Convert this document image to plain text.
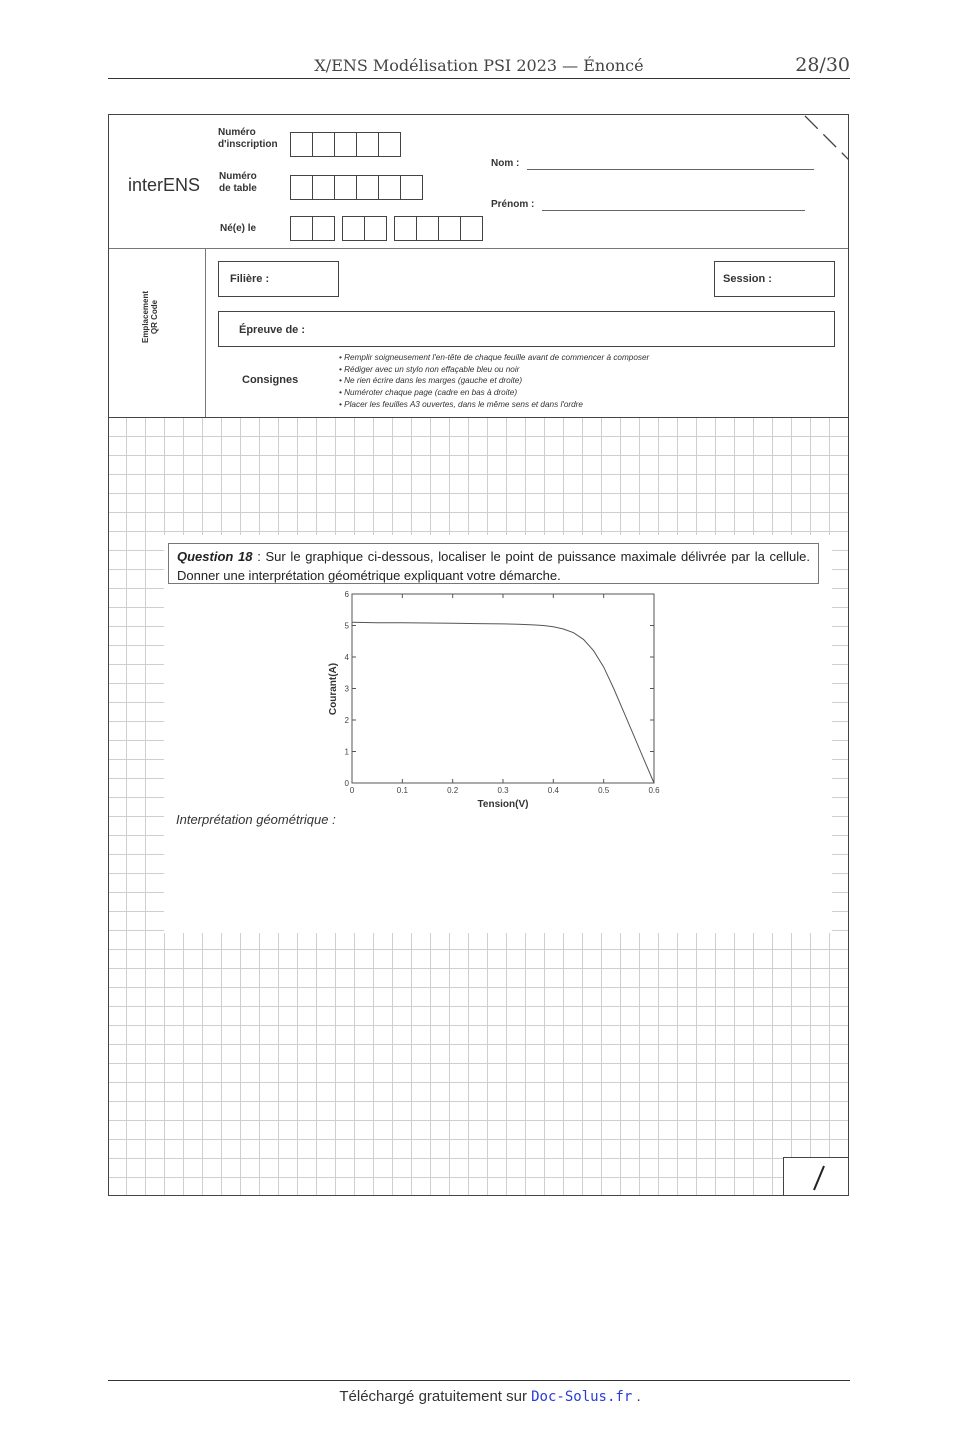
X/ENS Modélisation PSI 2023 — Énoncé	28/30
interENS
Numéro
d'inscription
Numéro
de table
Né(e) le
Nom :
Prénom :
Emplacement
QR Code
Filière :	Session :
Épreuve de :
Consignes
• Remplir soigneusement l'en-tête de chaque feuille avant de commencer à composer
• Rédiger avec un stylo non effaçable bleu ou noir
• Ne rien écrire dans les marges (gauche et droite)
• Numéroter chaque page (cadre en bas à droite)
• Placer les feuilles A3 ouvertes, dans le même sens et dans l'ordre
Question 18 : Sur le graphique ci-dessous, localiser le point de puissance maximale délivrée par la cellule. Donner une interprétation géométrique expliquant votre démarche.
0	0.1	0.2	0.3	0.4	0.5	0.6
0
1
2
3
4
5
6
Courant(A)
Tension(V)
Interprétation géométrique :
Téléchargé gratuitement sur Doc-Solus.fr .
